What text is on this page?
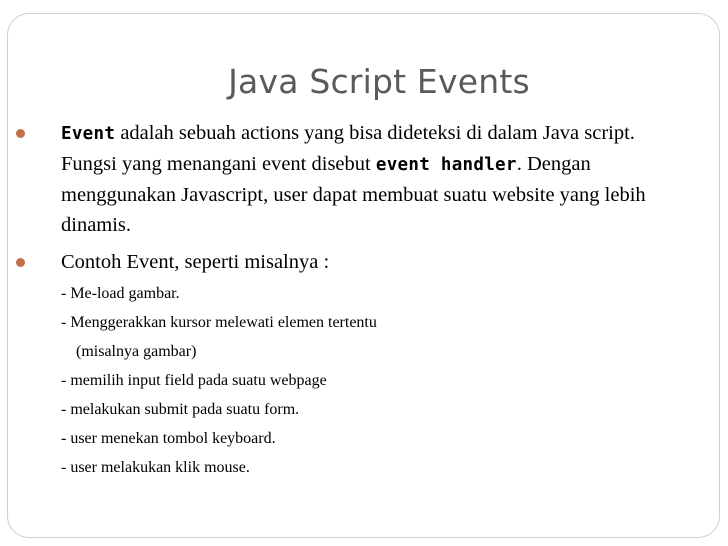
Java Script Events
Event adalah sebuah actions yang bisa dideteksi di dalam Java script. Fungsi yang menangani event disebut event handler. Dengan menggunakan Javascript, user dapat membuat suatu website yang lebih dinamis.
Contoh Event, seperti misalnya :
- Me-load gambar.
- Menggerakkan kursor melewati elemen tertentu
(misalnya gambar)
- memilih input field pada suatu webpage
- melakukan submit pada suatu form.
- user menekan tombol keyboard.
- user melakukan klik mouse.
